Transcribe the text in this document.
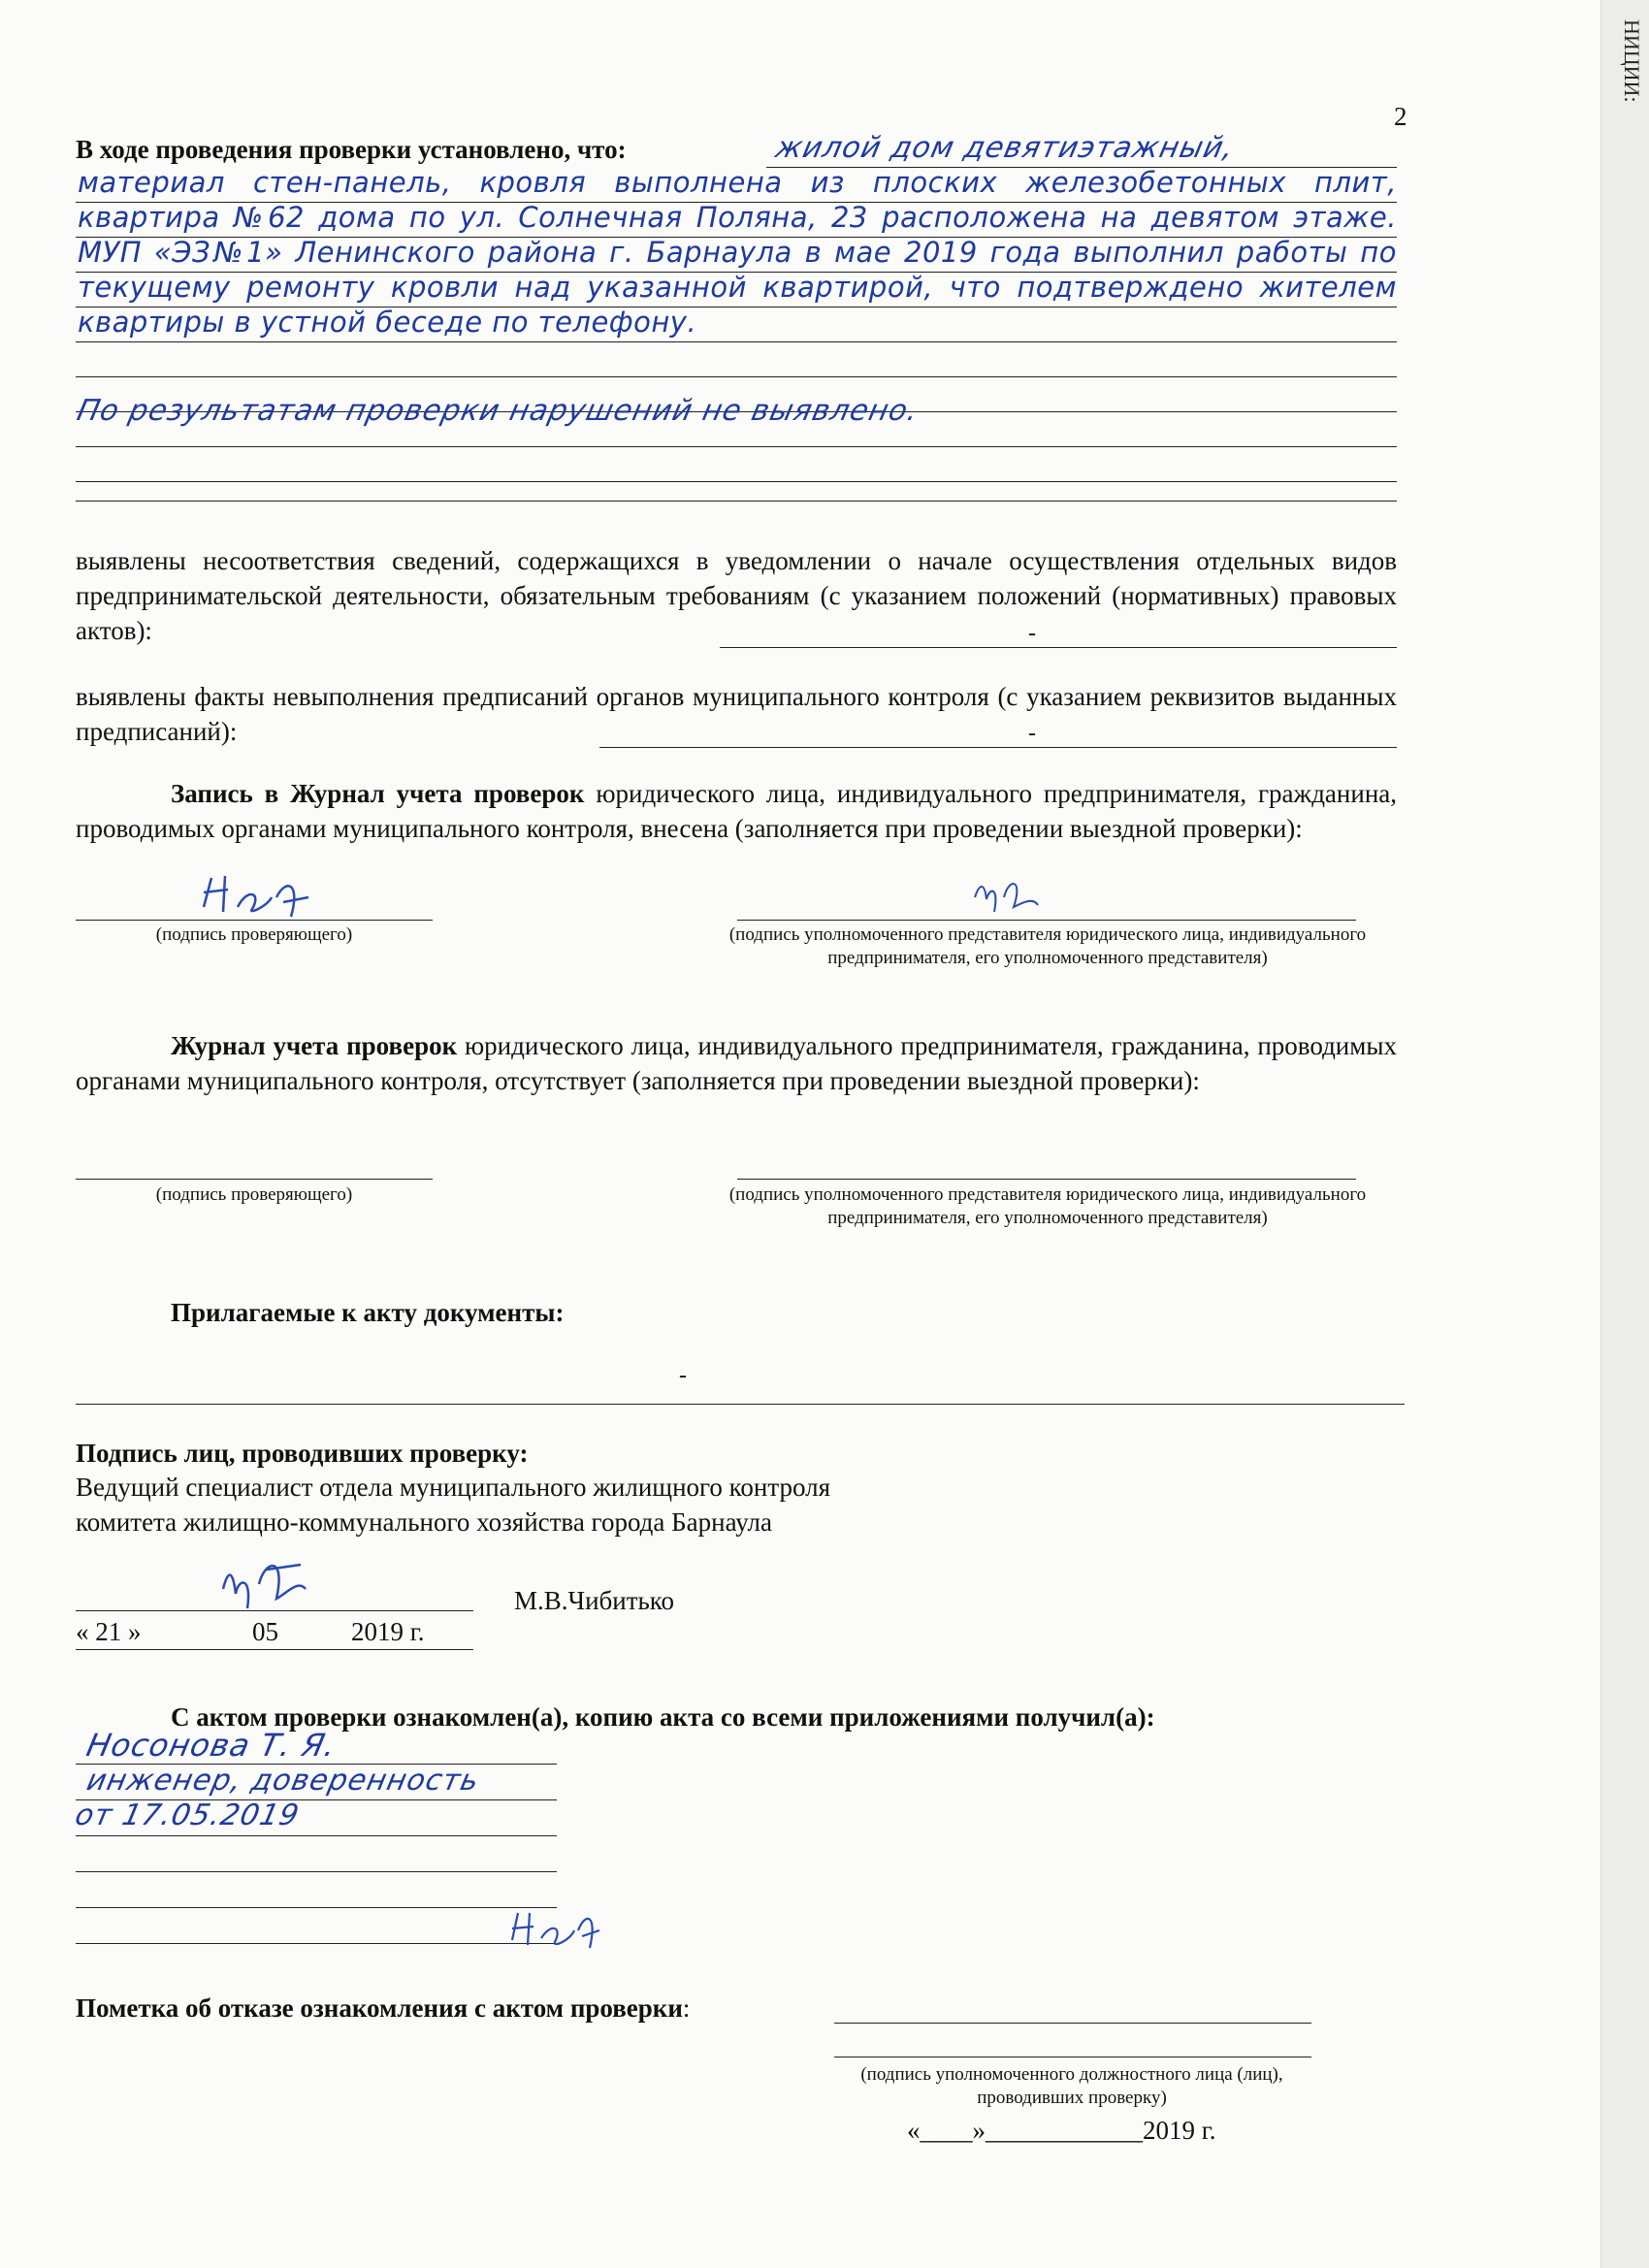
НИЦИИ:
2
В ходе проведения проверки установлено, что:	жилой дом девятиэтажный,
материал стен-панель, кровля выполнена из плоских железобетонных плит, квартира №62 дома по ул. Солнечная Поляна, 23 расположена на девятом этаже. МУП «ЭЗ№1» Ленинского района г. Барнаула в мае 2019 года выполнил работы по текущему ремонту кровли над указанной квартирой, что подтверждено жителем квартиры в устной беседе по телефону.
По результатам проверки нарушений не выявлено.
выявлены несоответствия сведений, содержащихся в уведомлении о начале осуществления отдельных видов предпринимательской деятельности, обязательным требованиям (с указанием положений (нормативных) правовых актов):	-
выявлены факты невыполнения предписаний органов муниципального контроля (с указанием реквизитов выданных предписаний):	-
Запись в Журнал учета проверок юридического лица, индивидуального предпринимателя, гражданина, проводимых органами муниципального контроля, внесена (заполняется при проведении выездной проверки):
(подпись проверяющего)	(подпись уполномоченного представителя юридического лица, индивидуального предпринимателя, его уполномоченного представителя)
Журнал учета проверок юридического лица, индивидуального предпринимателя, гражданина, проводимых органами муниципального контроля, отсутствует (заполняется при проведении выездной проверки):
(подпись проверяющего)	(подпись уполномоченного представителя юридического лица, индивидуального предпринимателя, его уполномоченного представителя)
Прилагаемые к акту документы:
-
Подпись лиц, проводивших проверку:
Ведущий специалист отдела муниципального жилищного контроля
комитета жилищно-коммунального хозяйства города Барнаула
М.В.Чибитько
« 21 »	05	2019 г.
С актом проверки ознакомлен(а), копию акта со всеми приложениями получил(а):
Носонова Т. Я.
инженер, доверенность
от 17.05.2019
Пометка об отказе ознакомления с актом проверки:
(подпись уполномоченного должностного лица (лиц), проводивших проверку)
«____»____________2019 г.
